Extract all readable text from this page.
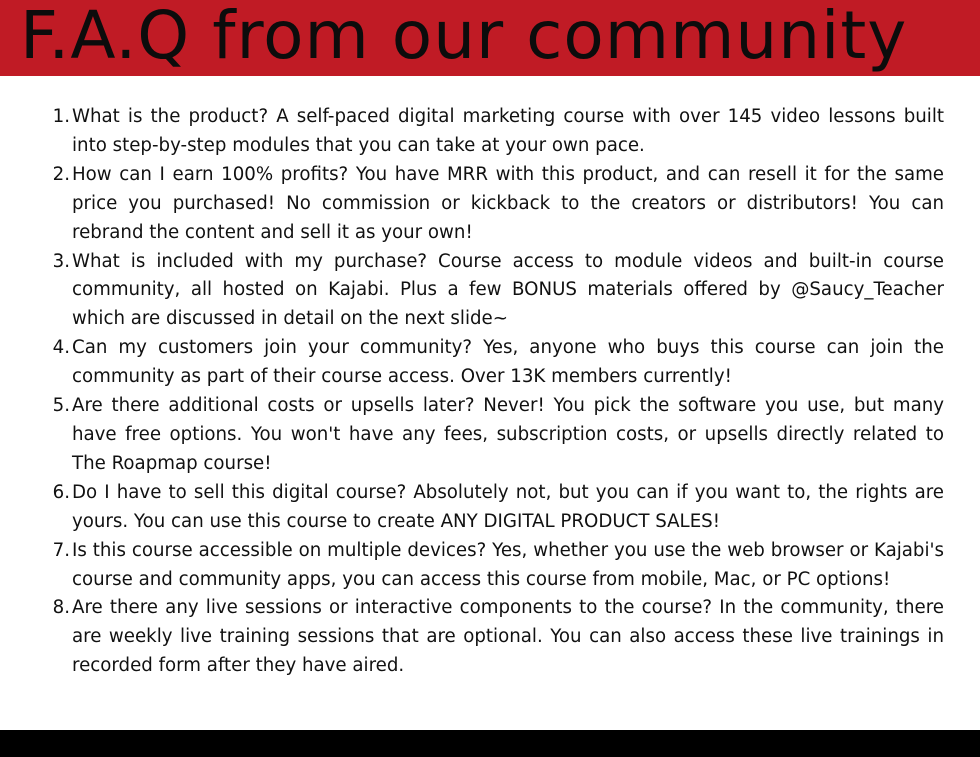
F.A.Q from our community
1. What is the product? A self-paced digital marketing course with over 145 video lessons built into step-by-step modules that you can take at your own pace.
2. How can I earn 100% profits? You have MRR with this product, and can resell it for the same price you purchased! No commission or kickback to the creators or distributors! You can rebrand the content and sell it as your own!
3. What is included with my purchase? Course access to module videos and built-in course community, all hosted on Kajabi. Plus a few BONUS materials offered by @Saucy_Teacher which are discussed in detail on the next slide~
4. Can my customers join your community? Yes, anyone who buys this course can join the community as part of their course access. Over 13K members currently!
5. Are there additional costs or upsells later? Never! You pick the software you use, but many have free options. You won't have any fees, subscription costs, or upsells directly related to The Roapmap course!
6. Do I have to sell this digital course? Absolutely not, but you can if you want to, the rights are yours. You can use this course to create ANY DIGITAL PRODUCT SALES!
7. Is this course accessible on multiple devices? Yes, whether you use the web browser or Kajabi's course and community apps, you can access this course from mobile, Mac, or PC options!
8. Are there any live sessions or interactive components to the course? In the community, there are weekly live training sessions that are optional. You can also access these live trainings in recorded form after they have aired.
